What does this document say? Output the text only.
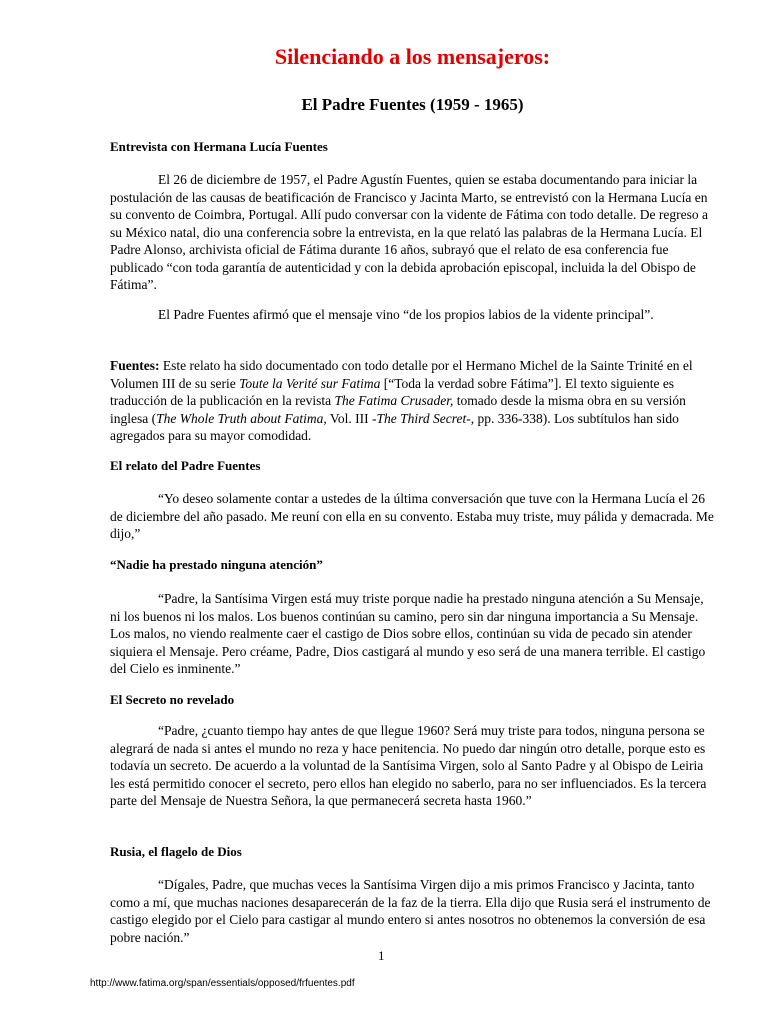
Silenciando a los mensajeros:
El Padre Fuentes (1959 - 1965)
Entrevista con Hermana Lucía Fuentes

El 26 de diciembre de 1957, el Padre Agustín Fuentes, quien se estaba documentando para iniciar la postulación de las causas de beatificación de Francisco y Jacinta Marto, se entrevistó con la Hermana Lucía en su convento de Coimbra, Portugal. Allí pudo conversar con la vidente de Fátima con todo detalle. De regreso a su México natal, dio una conferencia sobre la entrevista, en la que relató las palabras de la Hermana Lucía. El Padre Alonso, archivista oficial de Fátima durante 16 años, subrayó que el relato de esa conferencia fue publicado “con toda garantía de autenticidad y con la debida aprobación episcopal, incluida la del Obispo de Fátima”.

El Padre Fuentes afirmó que el mensaje vino “de los propios labios de la vidente principal”.

Fuentes: Este relato ha sido documentado con todo detalle por el Hermano Michel de la Sainte Trinité en el Volumen III de su serie Toute la Verité sur Fatima [“Toda la verdad sobre Fátima”]. El texto siguiente es traducción de la publicación en la revista The Fatima Crusader, tomado desde la misma obra en su versión inglesa (The Whole Truth about Fatima, Vol. III -The Third Secret-, pp. 336-338). Los subtítulos han sido agregados para su mayor comodidad.

El relato del Padre Fuentes

“Yo deseo solamente contar a ustedes de la última conversación que tuve con la Hermana Lucía el 26 de diciembre del año pasado. Me reuní con ella en su convento. Estaba muy triste, muy pálida y demacrada. Me dijo,”

“Nadie ha prestado ninguna atención”

“Padre, la Santísima Virgen está muy triste porque nadie ha prestado ninguna atención a Su Mensaje, ni los buenos ni los malos. Los buenos continúan su camino, pero sin dar ninguna importancia a Su Mensaje. Los malos, no viendo realmente caer el castigo de Dios sobre ellos, continúan su vida de pecado sin atender siquiera el Mensaje. Pero créame, Padre, Dios castigará al mundo y eso será de una manera terrible. El castigo del Cielo es inminente.”

El Secreto no revelado

“Padre, ¿cuanto tiempo hay antes de que llegue 1960? Será muy triste para todos, ninguna persona se alegrará de nada si antes el mundo no reza y hace penitencia. No puedo dar ningún otro detalle, porque esto es todavía un secreto. De acuerdo a la voluntad de la Santísima Virgen, solo al Santo Padre y al Obispo de Leiria les está permitido conocer el secreto, pero ellos han elegido no saberlo, para no ser influenciados. Es la tercera parte del Mensaje de Nuestra Señora, la que permanecerá secreta hasta 1960.”

Rusia, el flagelo de Dios

“Dígales, Padre, que muchas veces la Santísima Virgen dijo a mis primos Francisco y Jacinta, tanto como a mí, que muchas naciones desaparecerán de la faz de la tierra. Ella dijo que Rusia será el instrumento de castigo elegido por el Cielo para castigar al mundo entero si antes nosotros no obtenemos la conversión de esa pobre nación.”

1
http://www.fatima.org/span/essentials/opposed/frfuentes.pdf
